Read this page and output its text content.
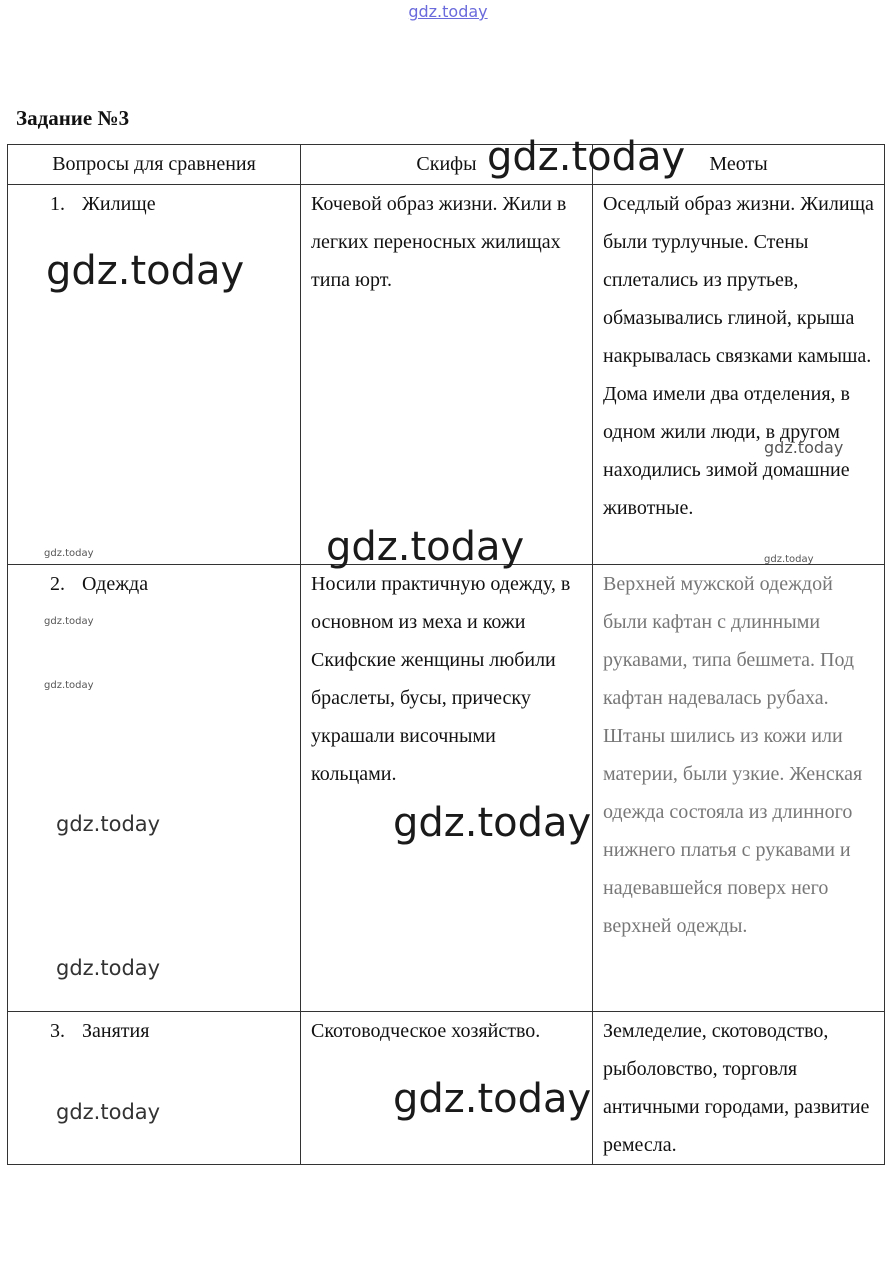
gdz.today
Задание №3
Вопросы для сравнения	Скифы	Меоты
1. Жилище	Кочевой образ жизни. Жили в легких переносных жилищах типа юрт.	Оседлый образ жизни. Жилища были турлучные. Стены сплетались из прутьев, обмазывались глиной, крыша накрывалась связками камыша. Дома имели два отделения, в одном жили люди, в другом находились зимой домашние животные.
2. Одежда	Носили практичную одежду, в основном из меха и кожи Скифские женщины любили браслеты, бусы, прическу украшали височными кольцами.	Верхней мужской одеждой были кафтан с длинными рукавами, типа бешмета. Под кафтан надевалась рубаха. Штаны шились из кожи или материи, были узкие. Женская одежда состояла из длинного нижнего платья с рукавами и надевавшейся поверх него верхней одежды.
3. Занятия	Скотоводческое хозяйство.	Земледелие, скотоводство, рыболовство, торговля античными городами, развитие ремесла.
gdz.today
gdz.today
gdz.today
gdz.today
gdz.today
gdz.today
gdz.today
gdz.today
gdz.today	gdz.today
gdz.today
gdz.today	gdz.today
